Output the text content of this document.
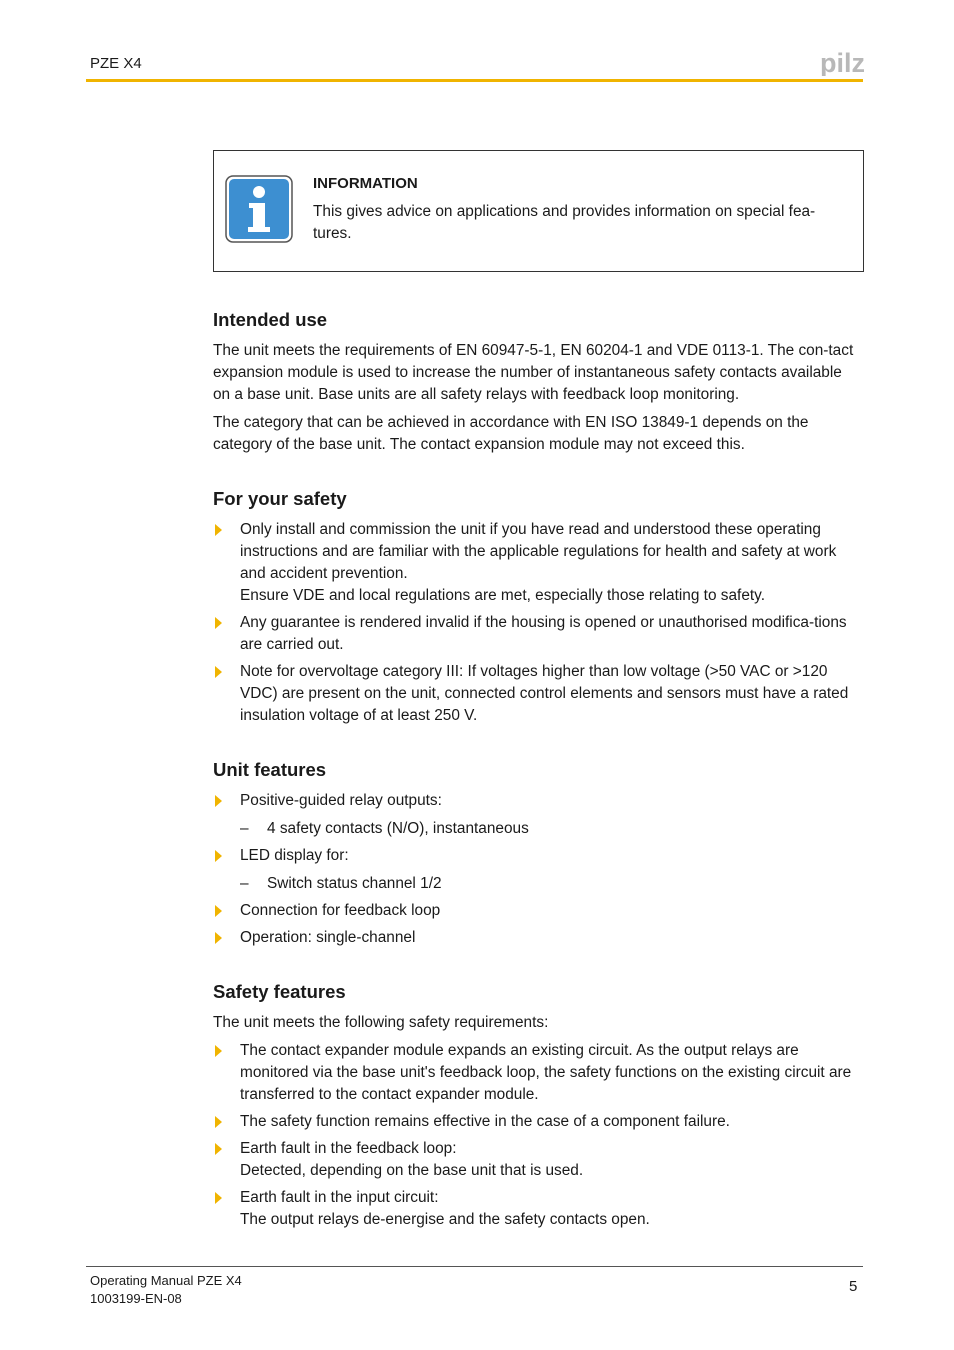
PZE X4	pilz
INFORMATION
This gives advice on applications and provides information on special fea-tures.
Intended use

The unit meets the requirements of EN 60947-5-1, EN 60204-1 and VDE 0113-1. The con-tact expansion module is used to increase the number of instantaneous safety contacts available on a base unit. Base units are all safety relays with feedback loop monitoring.

The category that can be achieved in accordance with EN ISO 13849-1 depends on the category of the base unit. The contact expansion module may not exceed this.

For your safety
Only install and commission the unit if you have read and understood these operating instructions and are familiar with the applicable regulations for health and safety at work and accident prevention.
Ensure VDE and local regulations are met, especially those relating to safety.
Any guarantee is rendered invalid if the housing is opened or unauthorised modifica-tions are carried out.
Note for overvoltage category III: If voltages higher than low voltage (>50 VAC or >120 VDC) are present on the unit, connected control elements and sensors must have a rated insulation voltage of at least 250 V.
Unit features
Positive-guided relay outputs:
– 4 safety contacts (N/O), instantaneous
LED display for:
– Switch status channel 1/2
Connection for feedback loop
Operation: single-channel
Safety features

The unit meets the following safety requirements:

The contact expander module expands an existing circuit. As the output relays are monitored via the base unit's feedback loop, the safety functions on the existing circuit are transferred to the contact expander module.
The safety function remains effective in the case of a component failure.
Earth fault in the feedback loop:
Detected, depending on the base unit that is used.
Earth fault in the input circuit:
The output relays de-energise and the safety contacts open.
Operating Manual PZE X4
1003199-EN-08
5
